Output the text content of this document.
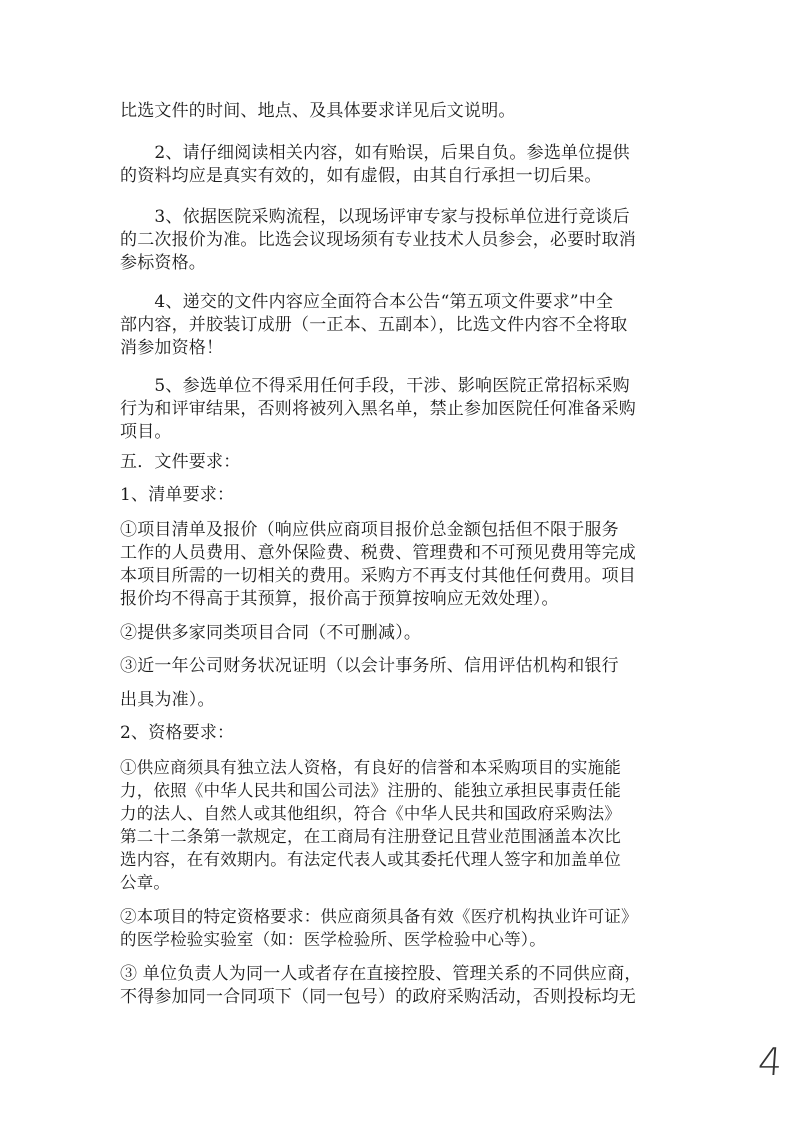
比选文件的时间、地点、及具体要求详见后文说明。
　　2、请仔细阅读相关内容，如有贻误，后果自负。参选单位提供
的资料均应是真实有效的，如有虚假，由其自行承担一切后果。
　　3、依据医院采购流程，以现场评审专家与投标单位进行竞谈后
的二次报价为准。比选会议现场须有专业技术人员参会，必要时取消
参标资格。
　　4、递交的文件内容应全面符合本公告“第五项文件要求”中全
部内容，并胶装订成册（一正本、五副本），比选文件内容不全将取
消参加资格！
　　5、参选单位不得采用任何手段，干涉、影响医院正常招标采购
行为和评审结果，否则将被列入黑名单，禁止参加医院任何准备采购
项目。
五．文件要求：
1、清单要求：
①项目清单及报价（响应供应商项目报价总金额包括但不限于服务
工作的人员费用、意外保险费、税费、管理费和不可预见费用等完成
本项目所需的一切相关的费用。采购方不再支付其他任何费用。项目
报价均不得高于其预算，报价高于预算按响应无效处理）。
②提供多家同类项目合同（不可删减）。
③近一年公司财务状况证明（以会计事务所、信用评估机构和银行
出具为准）。
2、资格要求：
①供应商须具有独立法人资格，有良好的信誉和本采购项目的实施能
力，依照《中华人民共和国公司法》注册的、能独立承担民事责任能
力的法人、自然人或其他组织，符合《中华人民共和国政府采购法》
第二十二条第一款规定，在工商局有注册登记且营业范围涵盖本次比
选内容，在有效期内。有法定代表人或其委托代理人签字和加盖单位
公章。
②本项目的特定资格要求：供应商须具备有效《医疗机构执业许可证》
的医学检验实验室（如：医学检验所、医学检验中心等）。
③ 单位负责人为同一人或者存在直接控股、管理关系的不同供应商，
不得参加同一合同项下（同一包号）的政府采购活动，否则投标均无
4
